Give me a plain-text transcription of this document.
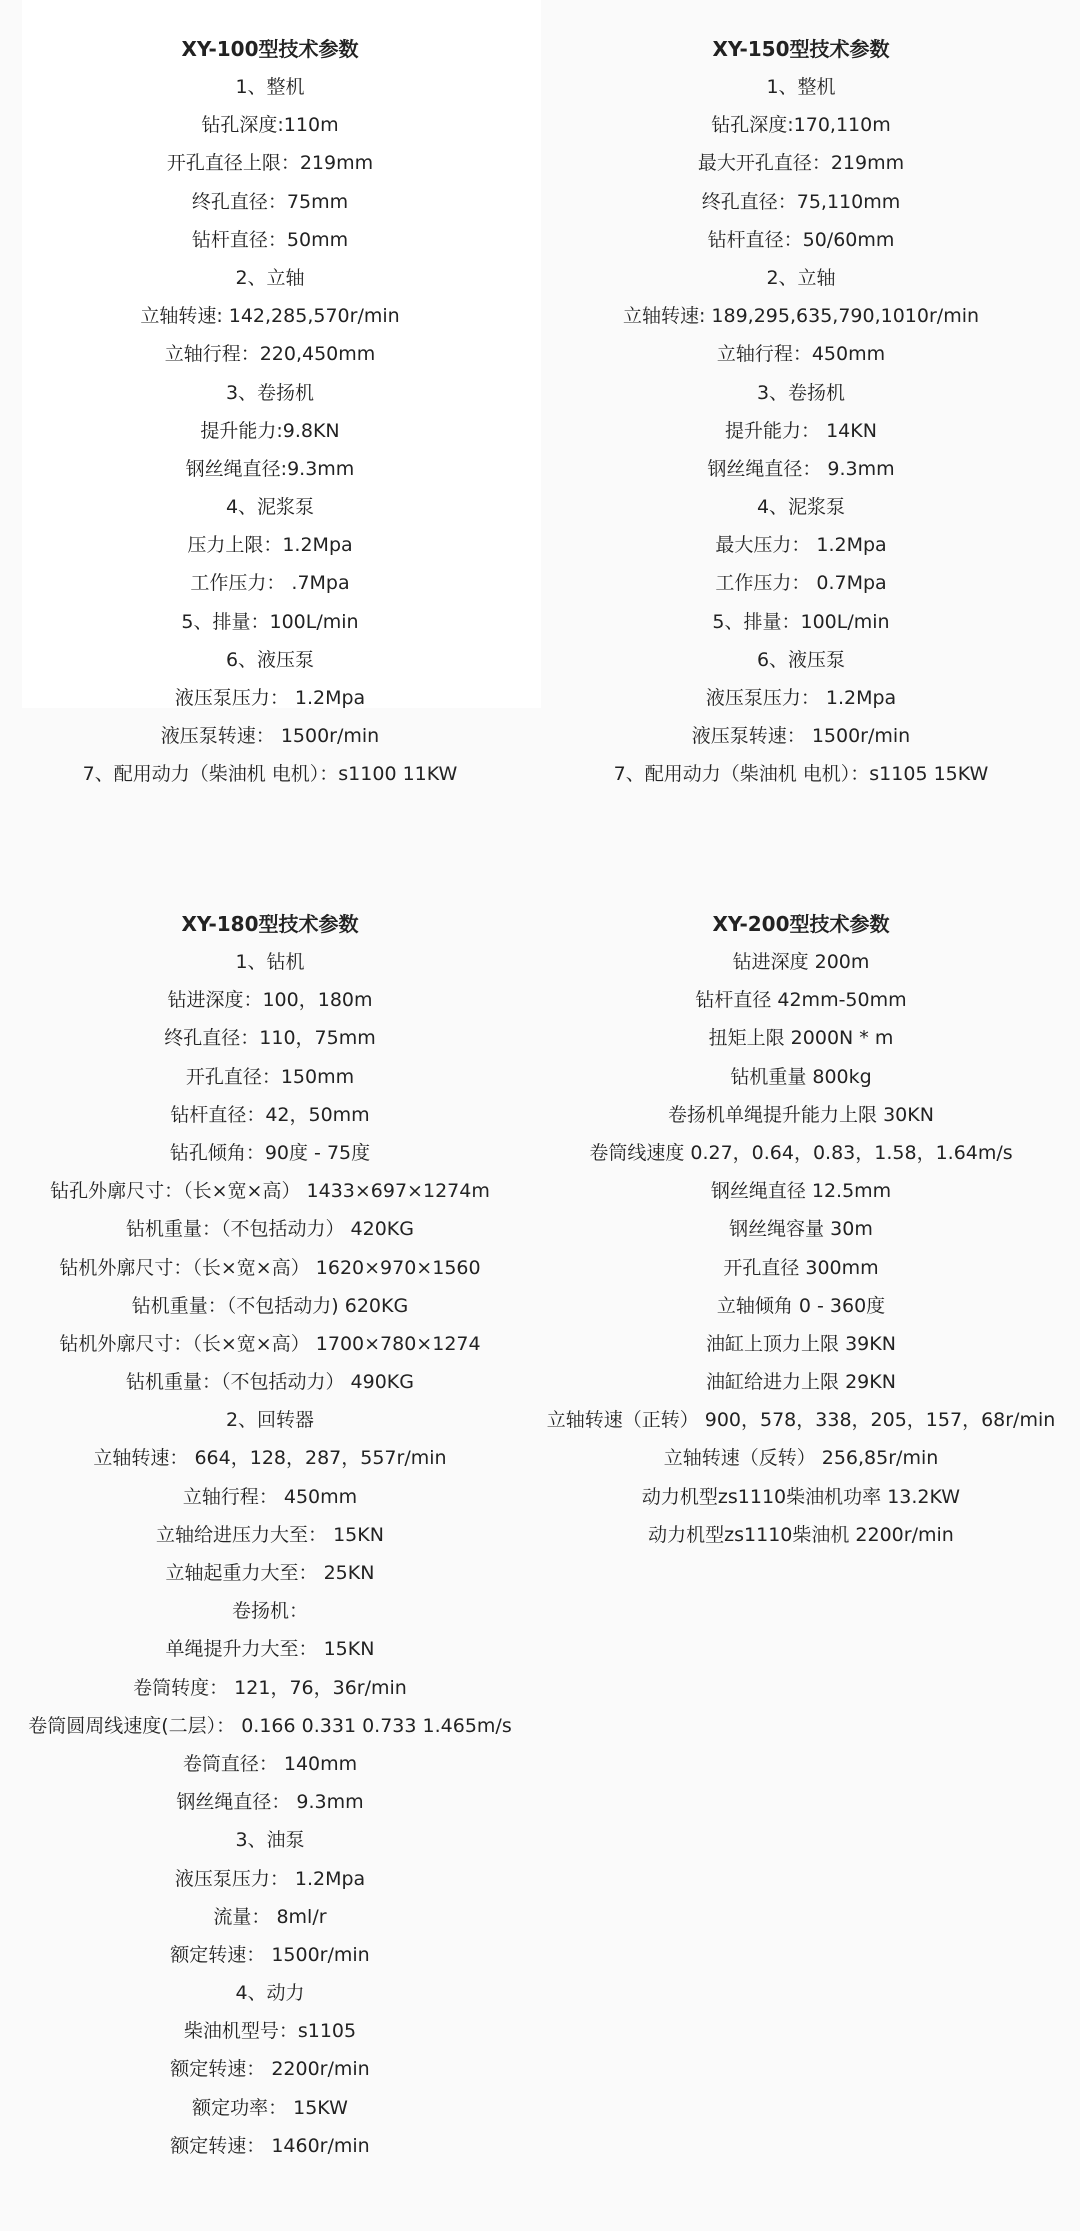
XY-100型技术参数
1、整机
钻孔深度:110m
开孔直径上限：219mm
终孔直径：75mm
钻杆直径：50mm
2、立轴
立轴转速: 142,285,570r/min
立轴行程：220,450mm
3、卷扬机
提升能力:9.8KN
钢丝绳直径:9.3mm
4、泥浆泵
压力上限：1.2Mpa
工作压力： .7Mpa
5、排量：100L/min
6、液压泵
液压泵压力： 1.2Mpa
液压泵转速： 1500r/min
7、配用动力（柴油机 电机）：s1100 11KW
XY-150型技术参数
1、整机
钻孔深度:170,110m
最大开孔直径：219mm
终孔直径：75,110mm
钻杆直径：50/60mm
2、立轴
立轴转速: 189,295,635,790,1010r/min
立轴行程：450mm
3、卷扬机
提升能力： 14KN
钢丝绳直径： 9.3mm
4、泥浆泵
最大压力： 1.2Mpa
工作压力： 0.7Mpa
5、排量：100L/min
6、液压泵
液压泵压力： 1.2Mpa
液压泵转速： 1500r/min
7、配用动力（柴油机 电机）：s1105 15KW
XY-180型技术参数
1、钻机
钻进深度：100，180m
终孔直径：110，75mm
开孔直径：150mm
钻杆直径：42，50mm
钻孔倾角：90度 - 75度
钻孔外廓尺寸：（长×宽×高） 1433×697×1274m
钻机重量：（不包括动力） 420KG
钻机外廓尺寸：（长×宽×高） 1620×970×1560
钻机重量：（不包括动力) 620KG
钻机外廓尺寸：（长×宽×高） 1700×780×1274
钻机重量：（不包括动力） 490KG
2、回转器
立轴转速： 664，128，287，557r/min
立轴行程： 450mm
立轴给进压力大至： 15KN
立轴起重力大至： 25KN
卷扬机：
单绳提升力大至： 15KN
卷筒转度： 121，76，36r/min
卷筒圆周线速度(二层）： 0.166 0.331 0.733 1.465m/s
卷筒直径： 140mm
钢丝绳直径： 9.3mm
3、油泵
液压泵压力： 1.2Mpa
流量： 8ml/r
额定转速： 1500r/min
4、动力
柴油机型号：s1105
额定转速： 2200r/min
额定功率： 15KW
额定转速： 1460r/min
XY-200型技术参数
钻进深度 200m
钻杆直径 42mm-50mm
扭矩上限 2000N * m
钻机重量 800kg
卷扬机单绳提升能力上限 30KN
卷筒线速度 0.27，0.64，0.83，1.58，1.64m/s
钢丝绳直径 12.5mm
钢丝绳容量 30m
开孔直径 300mm
立轴倾角 0 - 360度
油缸上顶力上限 39KN
油缸给进力上限 29KN
立轴转速（正转） 900，578，338，205，157，68r/min
立轴转速（反转） 256,85r/min
动力机型zs1110柴油机功率 13.2KW
动力机型zs1110柴油机 2200r/min
